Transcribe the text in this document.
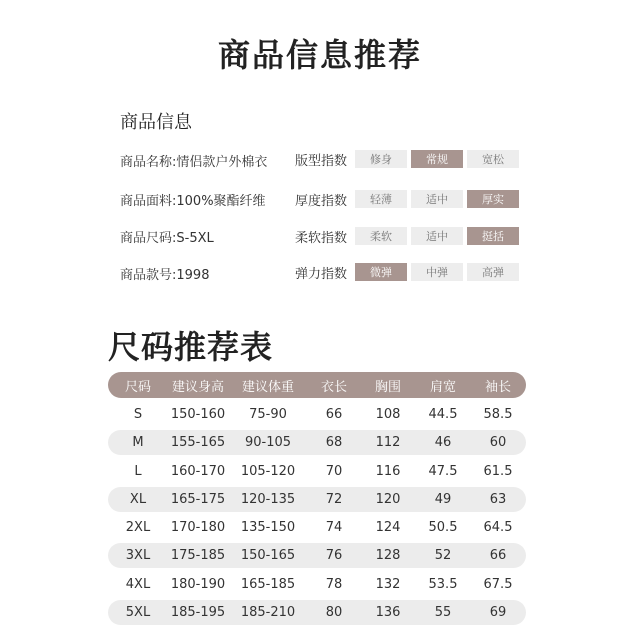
商品信息推荐
商品信息
商品名称:情侣款户外棉衣
商品面料:100%聚酯纤维
商品尺码:S-5XL
商品款号:1998
版型指数	修身	常规	宽松
厚度指数	轻薄	适中	厚实
柔软指数	柔软	适中	挺括
弹力指数	微弹	中弹	高弹
尺码推荐表
尺码	建议身高	建议体重	衣长	胸围	肩宽	袖长
S	150-160	75-90	66	108	44.5	58.5
M	155-165	90-105	68	112	46	60
L	160-170	105-120	70	116	47.5	61.5
XL	165-175	120-135	72	120	49	63
2XL	170-180	135-150	74	124	50.5	64.5
3XL	175-185	150-165	76	128	52	66
4XL	180-190	165-185	78	132	53.5	67.5
5XL	185-195	185-210	80	136	55	69
